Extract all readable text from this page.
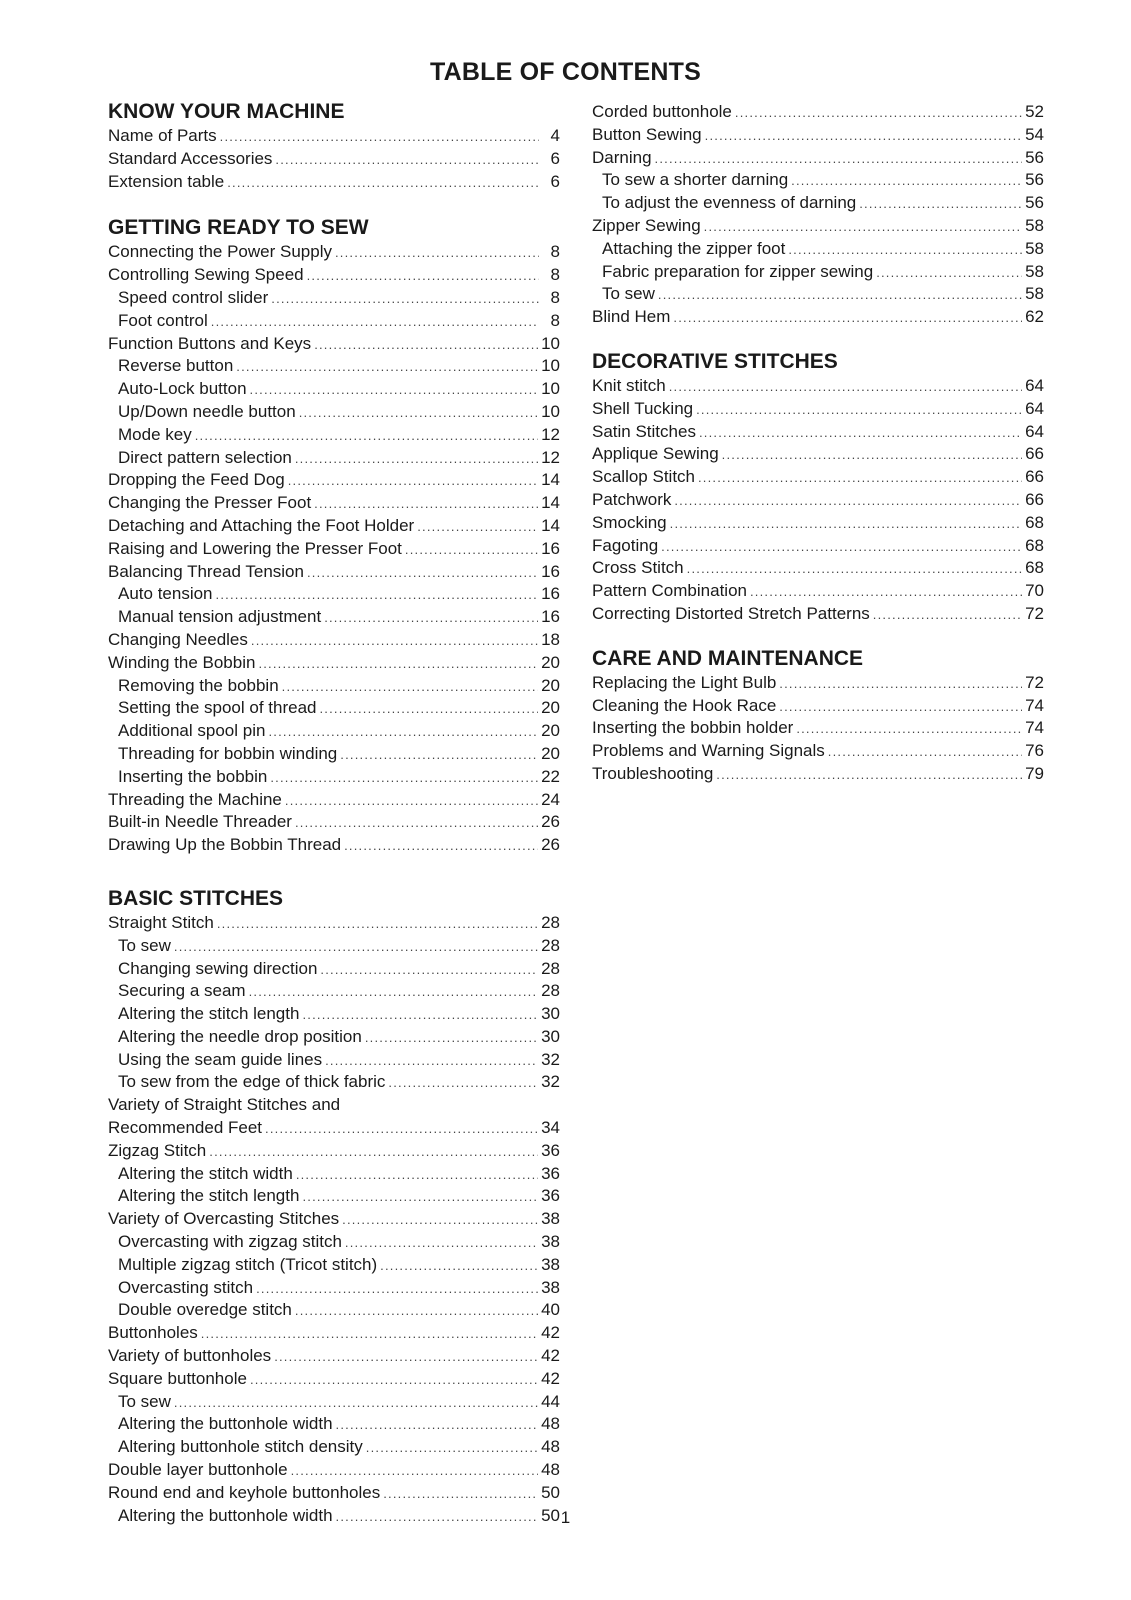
TABLE OF CONTENTS
KNOW YOUR MACHINE
Name of Parts .....	4
Standard Accessories .....	6
Extension table .....	6
GETTING READY TO SEW
Connecting the Power Supply .....	8
Controlling Sewing Speed .....	8
Speed control slider .....	8
Foot control .....	8
Function Buttons and Keys .....	10
Reverse button .....	10
Auto-Lock button .....	10
Up/Down needle button .....	10
Mode key .....	12
Direct pattern selection .....	12
Dropping the Feed Dog .....	14
Changing the Presser Foot .....	14
Detaching and Attaching the Foot Holder .....	14
Raising and Lowering the Presser Foot .....	16
Balancing Thread Tension .....	16
Auto tension .....	16
Manual tension adjustment .....	16
Changing Needles .....	18
Winding the Bobbin .....	20
Removing the bobbin .....	20
Setting the spool of thread .....	20
Additional spool pin .....	20
Threading for bobbin winding .....	20
Inserting the bobbin .....	22
Threading the Machine .....	24
Built-in Needle Threader .....	26
Drawing Up the Bobbin Thread .....	26
BASIC STITCHES
Straight Stitch .....	28
To sew .....	28
Changing sewing direction .....	28
Securing a seam .....	28
Altering the stitch length .....	30
Altering the needle drop position .....	30
Using the seam guide lines .....	32
To sew from the edge of thick fabric .....	32
Variety of Straight Stitches and
Recommended Feet .....	34
Zigzag Stitch .....	36
Altering the stitch width .....	36
Altering the stitch length .....	36
Variety of Overcasting Stitches .....	38
Overcasting with zigzag stitch .....	38
Multiple zigzag stitch (Tricot stitch) .....	38
Overcasting stitch .....	38
Double overedge stitch .....	40
Buttonholes .....	42
Variety of buttonholes .....	42
Square buttonhole .....	42
To sew .....	44
Altering the buttonhole width .....	48
Altering buttonhole stitch density .....	48
Double layer buttonhole .....	48
Round end and keyhole buttonholes .....	50
Altering the buttonhole width .....	50
Corded buttonhole .....	52
Button Sewing .....	54
Darning .....	56
To sew a shorter darning .....	56
To adjust the evenness of darning .....	56
Zipper Sewing .....	58
Attaching the zipper foot .....	58
Fabric preparation for zipper sewing .....	58
To sew .....	58
Blind Hem .....	62
DECORATIVE STITCHES
Knit stitch .....	64
Shell Tucking .....	64
Satin Stitches .....	64
Applique Sewing .....	66
Scallop Stitch .....	66
Patchwork .....	66
Smocking .....	68
Fagoting .....	68
Cross Stitch .....	68
Pattern Combination .....	70
Correcting Distorted Stretch Patterns .....	72
CARE AND MAINTENANCE
Replacing the Light Bulb .....	72
Cleaning the Hook Race .....	74
Inserting the bobbin holder .....	74
Problems and Warning Signals .....	76
Troubleshooting .....	79

1
